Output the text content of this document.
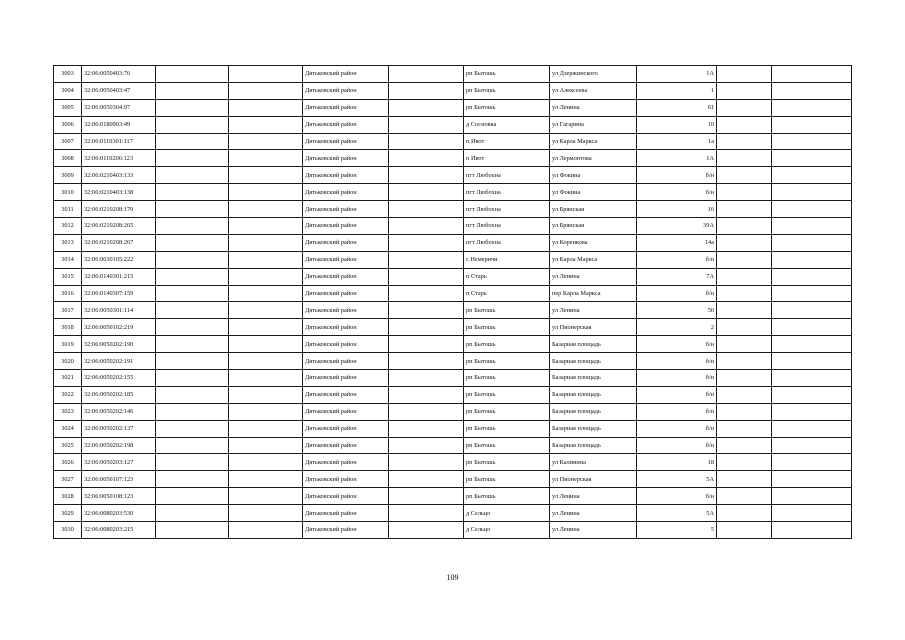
3003	32:06:0050403:76			Дятьковский район		рп Бытошь	ул Дзержинского	1А		
3004	32:06:0050403:47			Дятьковский район		рп Бытошь	ул Алексеева	1		
3005	32:06:0050304:97			Дятьковский район		рп Бытошь	ул Ленина	61		
3006	32:06:0180903:49			Дятьковский район		д Сосновка	ул Гагарина	10		
3007	32:06:0110301:117			Дятьковский район		п Ивот	ул Карла Маркса	1а		
3008	32:06:0110206:123			Дятьковский район		п Ивот	ул Лермонтова	1А		
3009	32:06:0210403:133			Дятьковский район		пгт Любохна	ул Фокина	б/н		
3010	32:06:0210403:138			Дятьковский район		пгт Любохна	ул Фокина	б/н		
3011	32:06:0210208:170			Дятьковский район		пгт Любохна	ул Брянская	16		
3012	32:06:0210208:265			Дятьковский район		пгт Любохна	ул Брянская	39А		
3013	32:06:0210208:267			Дятьковский район		пгт Любохна	ул Коренкова	14а		
3014	32:06:0030105:222			Дятьковский район		с Немеричи	ул Карла Маркса	б/н		
3015	32:06:0140301:215			Дятьковский район		п Старь	ул Ленина	7А		
3016	32:06:0140307:159			Дятьковский район		п Старь	пер Карла Маркса	б/н		
3017	32:06:0050301:114			Дятьковский район		рп Бытошь	ул Ленина	50		
3018	32:06:0050102:219			Дятьковский район		рп Бытошь	ул Пионерская	2		
3019	32:06:0050202:190			Дятьковский район		рп Бытошь	Базарная площадь	б/н		
3020	32:06:0050202:191			Дятьковский район		рп Бытошь	Базарная площадь	б/н		
3021	32:06:0050202:155			Дятьковский район		рп Бытошь	Базарная площадь	б/н		
3022	32:06:0050202:185			Дятьковский район		рп Бытошь	Базарная площадь	б/н		
3023	32:06:0050202:146			Дятьковский район		рп Бытошь	Базарная площадь	б/н		
3024	32:06:0050202:137			Дятьковский район		рп Бытошь	Базарная площадь	б/н		
3025	32:06:0050202:198			Дятьковский район		рп Бытошь	Базарная площадь	б/н		
3026	32:06:0050203:127			Дятьковский район		рп Бытошь	ул Калинина	18		
3027	32:06:0050107:123			Дятьковский район		рп Бытошь	ул Пионерская	5А		
3028	32:06:0050108:123			Дятьковский район		рп Бытошь	ул Ленина	б/н		
3029	32:06:0080203:530			Дятьковский район		д Сельцо	ул Ленина	5А		
3030	32:06:0080203:215			Дятьковский район		д Сельцо	ул Ленина	5		
109
